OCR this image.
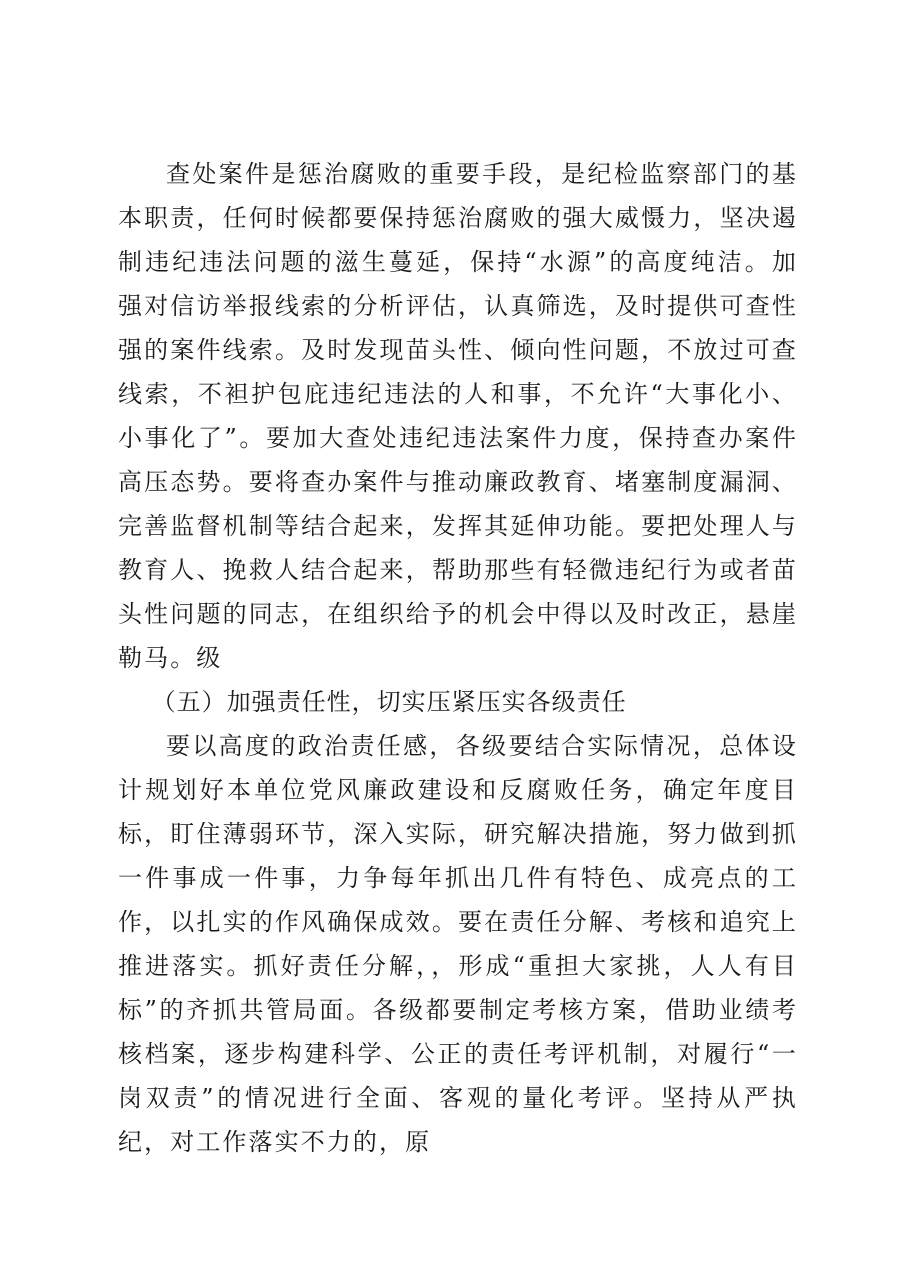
查处案件是惩治腐败的重要手段，是纪检监察部门的基本职责，任何时候都要保持惩治腐败的强大威慑力，坚决遏制违纪违法问题的滋生蔓延，保持“水源”的高度纯洁。加强对信访举报线索的分析评估，认真筛选，及时提供可查性强的案件线索。及时发现苗头性、倾向性问题，不放过可查线索，不袒护包庇违纪违法的人和事，不允许“大事化小、小事化了”。要加大查处违纪违法案件力度，保持查办案件高压态势。要将查办案件与推动廉政教育、堵塞制度漏洞、完善监督机制等结合起来，发挥其延伸功能。要把处理人与教育人、挽救人结合起来，帮助那些有轻微违纪行为或者苗头性问题的同志，在组织给予的机会中得以及时改正，悬崖勒马。级

（五）加强责任性，切实压紧压实各级责任

要以高度的政治责任感，各级要结合实际情况，总体设计规划好本单位党风廉政建设和反腐败任务，确定年度目标，盯住薄弱环节，深入实际，研究解决措施，努力做到抓一件事成一件事，力争每年抓出几件有特色、成亮点的工作，以扎实的作风确保成效。要在责任分解、考核和追究上推进落实。抓好责任分解，，形成“重担大家挑，人人有目标”的齐抓共管局面。各级都要制定考核方案，借助业绩考核档案，逐步构建科学、公正的责任考评机制，对履行“一岗双责”的情况进行全面、客观的量化考评。坚持从严执纪，对工作落实不力的，原
